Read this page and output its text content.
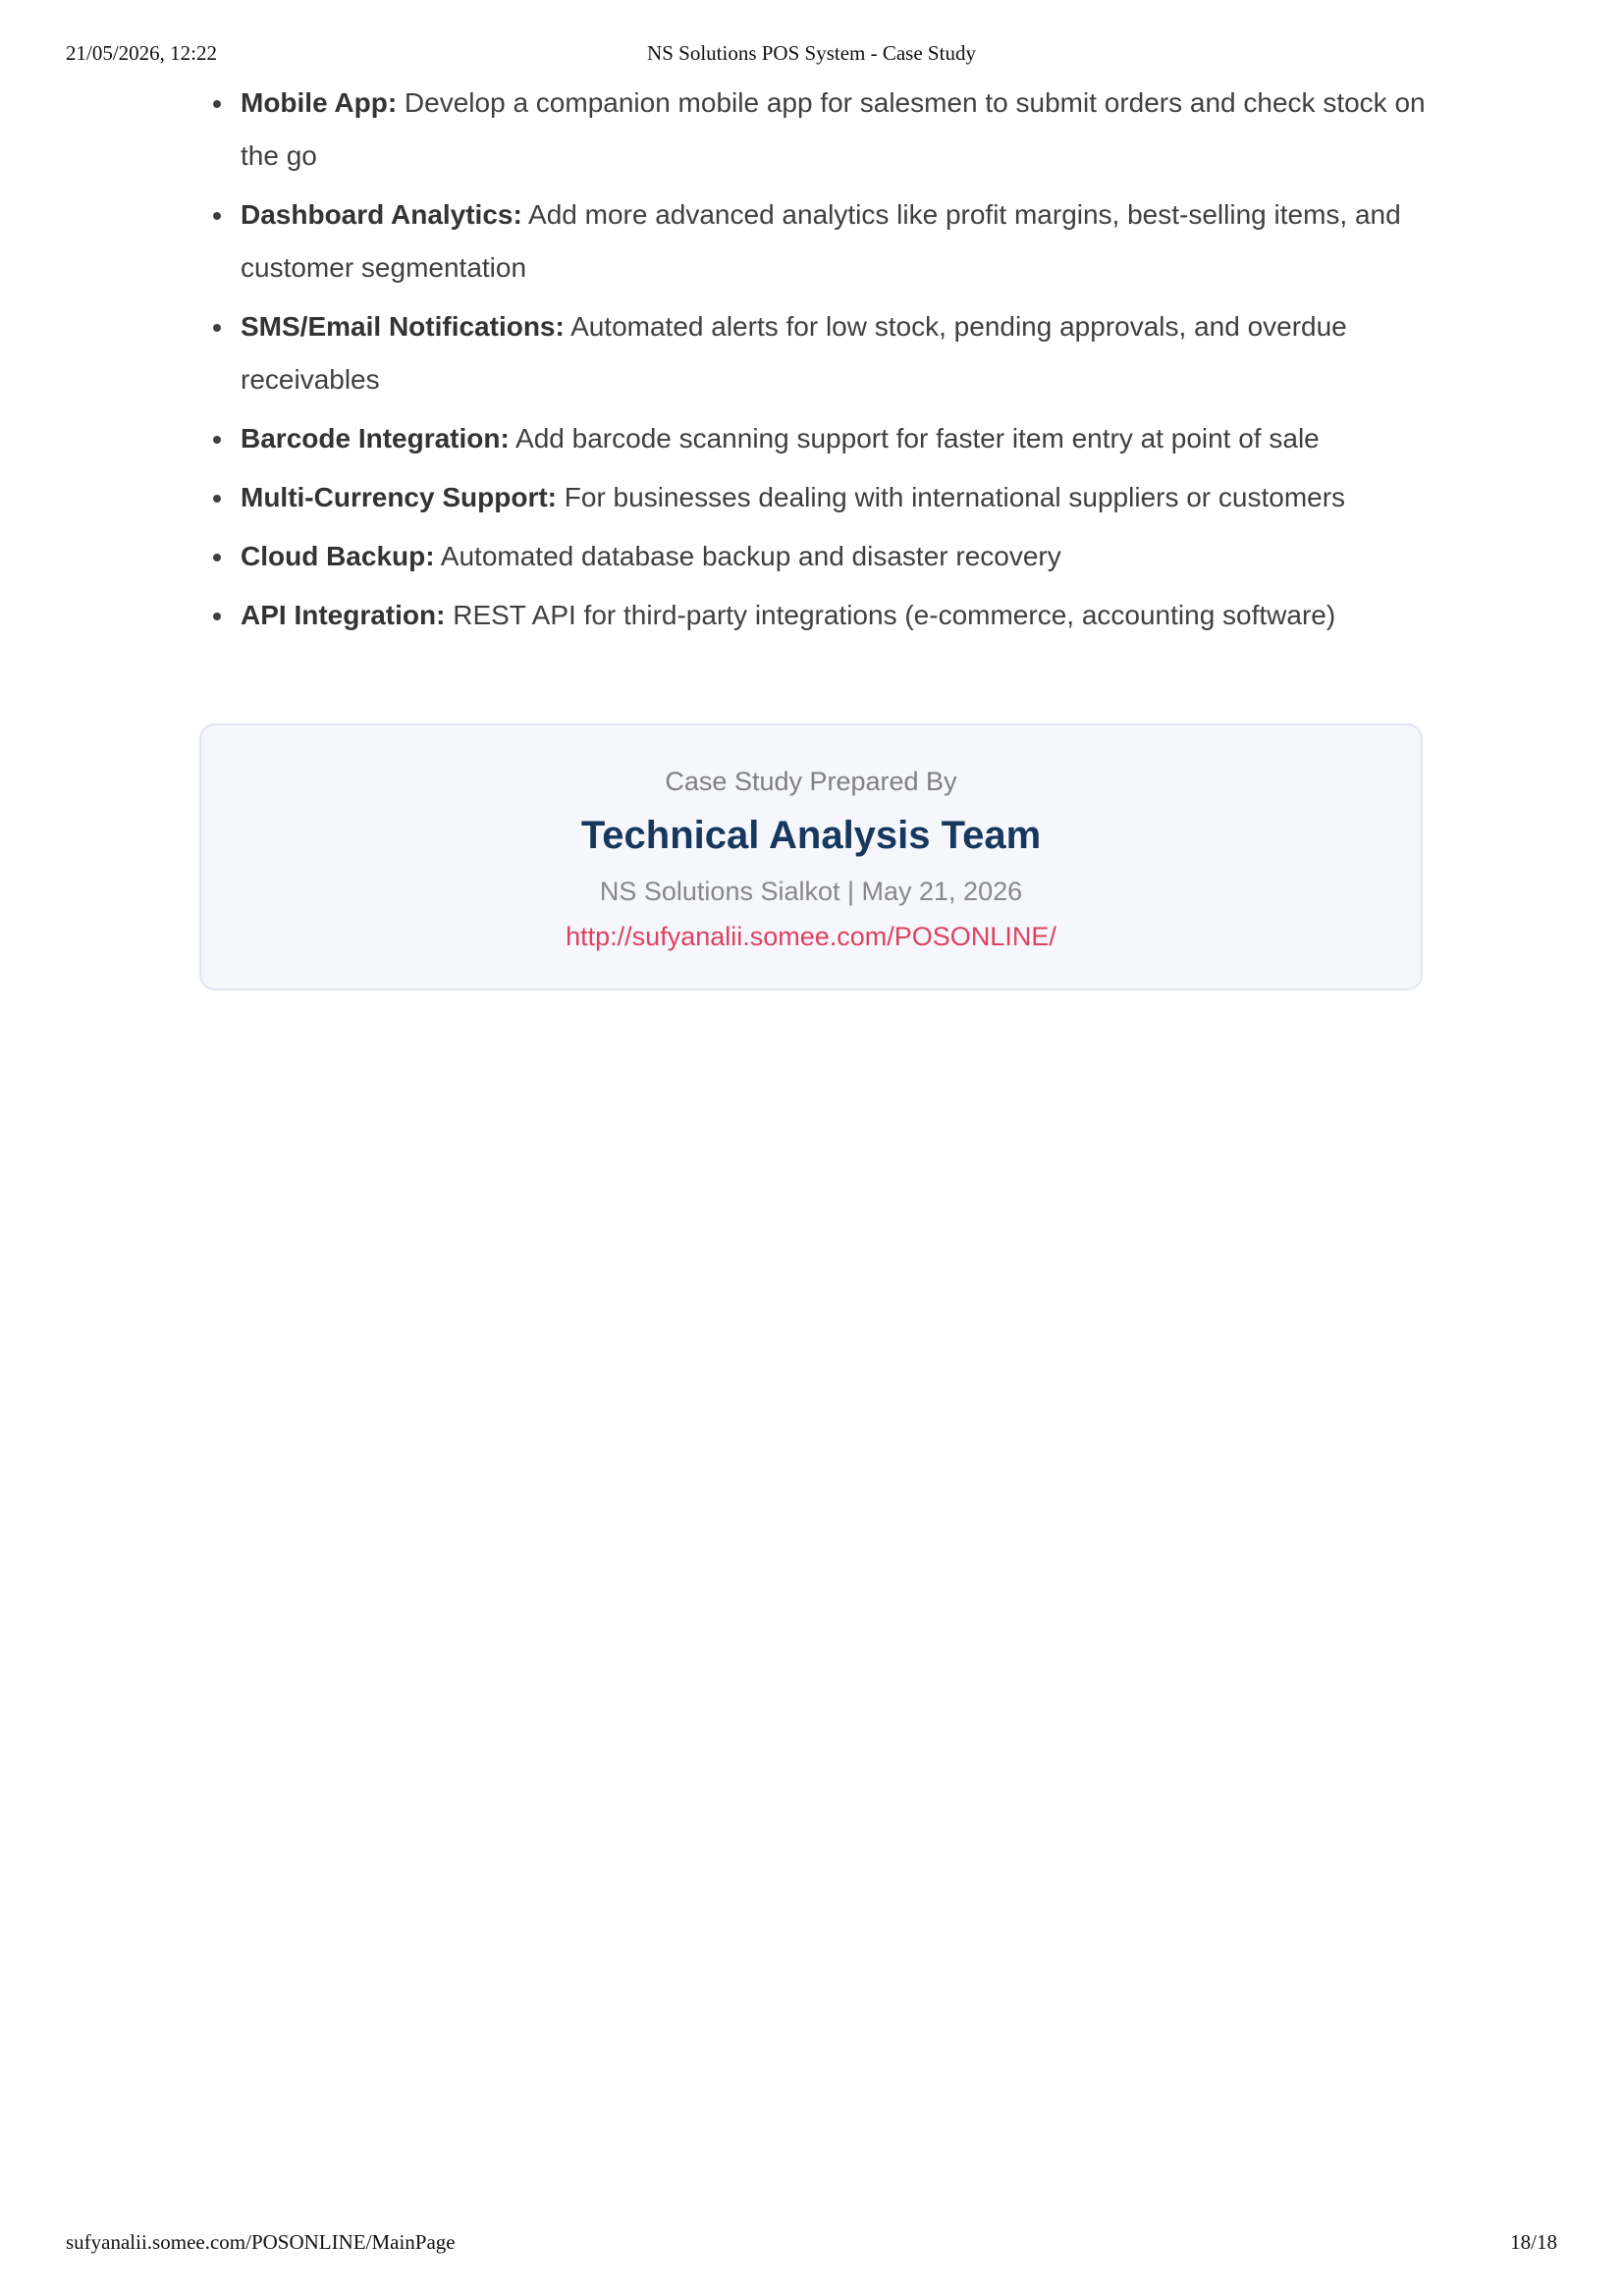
21/05/2026, 12:22	NS Solutions POS System - Case Study
Mobile App: Develop a companion mobile app for salesmen to submit orders and check stock on the go
Dashboard Analytics: Add more advanced analytics like profit margins, best-selling items, and customer segmentation
SMS/Email Notifications: Automated alerts for low stock, pending approvals, and overdue receivables
Barcode Integration: Add barcode scanning support for faster item entry at point of sale
Multi-Currency Support: For businesses dealing with international suppliers or customers
Cloud Backup: Automated database backup and disaster recovery
API Integration: REST API for third-party integrations (e-commerce, accounting software)
Case Study Prepared By
Technical Analysis Team
NS Solutions Sialkot | May 21, 2026
http://sufyanalii.somee.com/POSONLINE/
sufyanalii.somee.com/POSONLINE/MainPage	18/18
